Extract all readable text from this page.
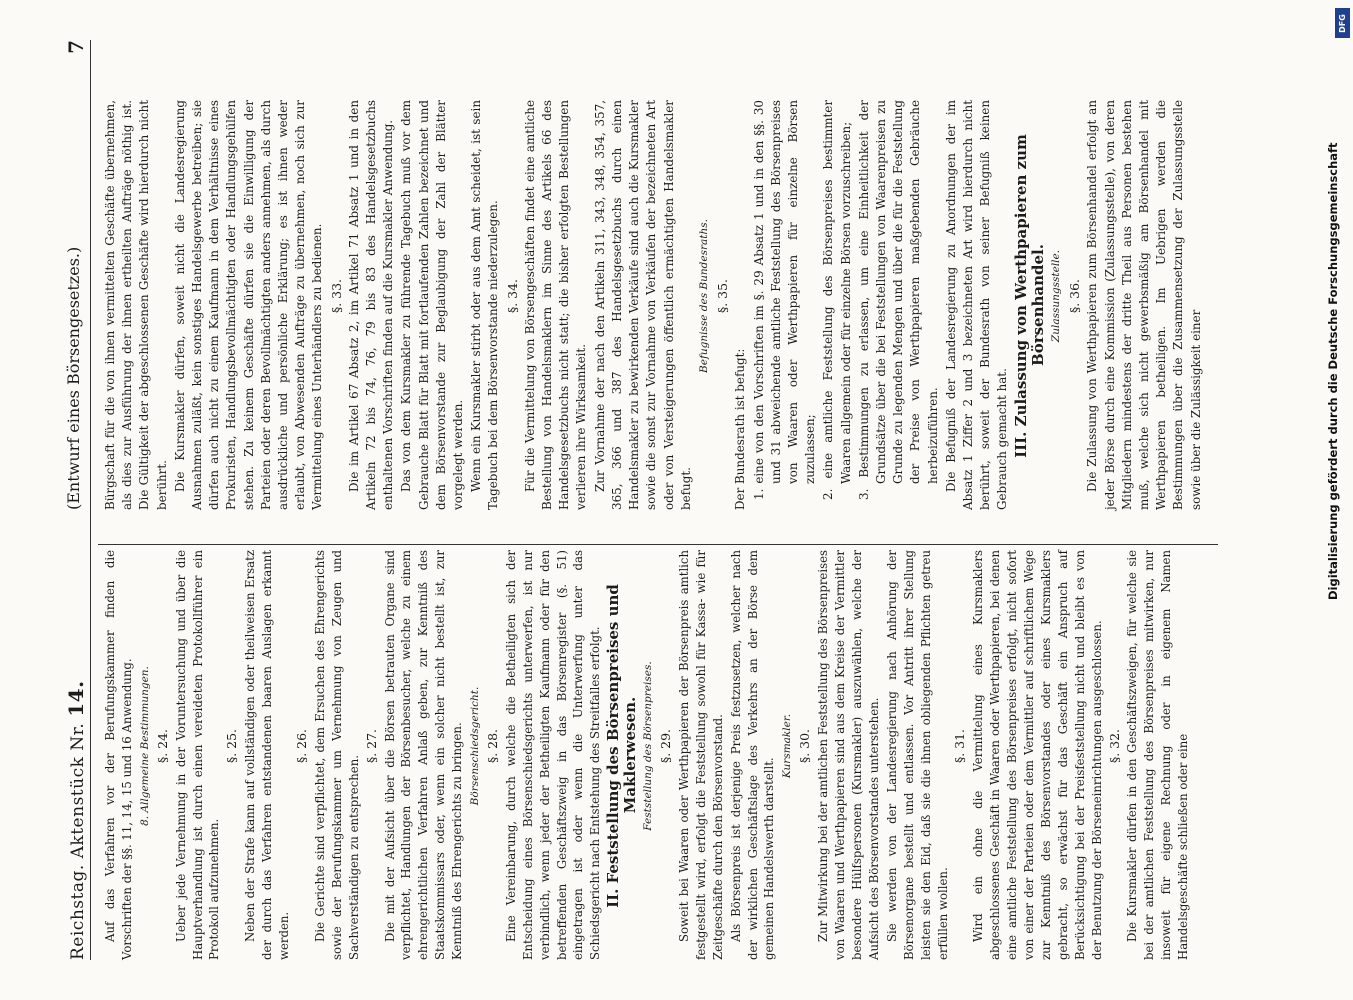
Reichstag. Aktenstück Nr. 14.
(Entwurf eines Börsengesetzes.)
7

Auf das Verfahren vor der Berufungskammer finden die Vorschriften der §§. 11, 14, 15 und 16 Anwendung. 8. Allgemeine Bestimmungen. §. 24. Ueber jede Vernehmung in der Voruntersuchung und über die Hauptverhandlung ist durch einen vereideten Protokollführer ein Protokoll aufzunehmen.

§. 25. Neben der Strafe kann auf vollständigen oder theilweisen Ersatz der durch das Verfahren entstandenen baaren Auslagen erkannt werden.

§. 26. Die Gerichte sind verpflichtet, dem Ersuchen des Ehrengerichts sowie der Berufungskammer um Vernehmung von Zeugen und Sachverständigen zu entsprechen.

§. 27. Die mit der Aufsicht über die Börsen betrauten Organe sind verpflichtet, Handlungen der Börsenbesucher, welche zu einem ehrengerichtlichen Verfahren Anlaß geben, zur Kenntniß des Staatskommissars oder, wenn ein solcher nicht bestellt ist, zur Kenntniß des Ehrengerichts zu bringen. Börsenschiedsgericht. §. 28. Eine Vereinbarung, durch welche die Betheiligten sich der Entscheidung eines Börsenschiedsgerichts unterwerfen, ist nur verbindlich, wenn jeder der Betheiligten Kaufmann oder für den betreffenden Geschäftszweig in das Börsenregister (§. 51) eingetragen ist oder wenn die Unterwerfung unter das Schiedsgericht nach Entstehung des Streitfalles erfolgt. II. Feststellung des Börsenpreises und Maklerwesen. Feststellung des Börsenpreises. §. 29. Soweit bei Waaren oder Werthpapieren der Börsenpreis amtlich festgestellt wird, erfolgt die Feststellung sowohl für Kassa- wie für Zeitgeschäfte durch den Börsenvorstand. Als Börsenpreis ist derjenige Preis festzusetzen, welcher nach der wirklichen Geschäftslage des Verkehrs an der Börse dem gemeinen Handelswerth darstellt.

Kursmakler. §. 30. Zur Mitwirkung bei der amtlichen Feststellung des Börsenpreises von Waaren und Werthpapieren sind aus dem Kreise der Vermittler besondere Hülfspersonen (Kursmakler) auszuwählen, welche der Aufsicht des Börsenvorstandes unterstehen. Sie werden von der Landesregierung nach Anhörung der Börsenorgane bestellt und entlassen. Vor Antritt ihrer Stellung leisten sie den Eid, daß sie die ihnen obliegenden Pflichten getreu erfüllen wollen.

§. 31. Wird ein ohne die Vermittelung eines Kursmaklers abgeschlossenes Geschäft in Waaren oder Werthpapieren, bei denen eine amtliche Feststellung des Börsenpreises erfolgt, nicht sofort von einer der Parteien oder dem Vermittler auf schriftlichem Wege zur Kenntniß des Börsenvorstandes oder eines Kursmaklers gebracht, so erwächst für das Geschäft ein Anspruch auf Berücksichtigung bei der Preisfeststellung nicht und bleibt es von der Benutzung der Börseneinrichtungen ausgeschlossen. §. 32. Die Kursmakler dürfen in den Geschäftszweigen, für welche sie bei der amtlichen Feststellung des Börsenpreises mitwirken, nur insoweit für eigene Rechnung oder in eigenem Namen Handelsgeschäfte schließen oder eine

Bürgschaft für die von ihnen vermittelten Geschäfte übernehmen, als dies zur Ausführung der ihnen ertheilten Aufträge nöthig ist. Die Gültigkeit der abgeschlossenen Geschäfte wird hierdurch nicht berührt. Die Kursmakler dürfen, soweit nicht die Landesregierung Ausnahmen zuläßt, kein sonstiges Handelsgewerbe betreiben; sie dürfen auch nicht zu einem Kaufmann in dem Verhältnisse eines Prokuristen, Handlungsbevollmächtigten oder Handlungsgehülfen stehen. Zu keinem Geschäfte dürfen sie die Einwilligung der Parteien oder deren Bevollmächtigten anders annehmen, als durch ausdrückliche und persönliche Erklärung; es ist ihnen weder erlaubt, von Abwesenden Aufträge zu übernehmen, noch sich zur Vermittelung eines Unterhändlers zu bedienen. §. 33. Die im Artikel 67 Absatz 2, im Artikel 71 Absatz 1 und in den Artikeln 72 bis 74, 76, 79 bis 83 des Handelsgesetzbuchs enthaltenen Vorschriften finden auf die Kursmakler Anwendung. Das von dem Kursmakler zu führende Tagebuch muß vor dem Gebrauche Blatt für Blatt mit fortlaufenden Zahlen bezeichnet und dem Börsenvorstande zur Beglaubigung der Zahl der Blätter vorgelegt werden. Wenn ein Kursmakler stirbt oder aus dem Amt scheidet, ist sein Tagebuch bei dem Börsenvorstande niederzulegen. §. 34. Für die Vermittelung von Börsengeschäften findet eine amtliche Bestellung von Handelsmaklern im Sinne des Artikels 66 des Handelsgesetzbuchs nicht statt; die bisher erfolgten Bestellungen verlieren ihre Wirksamkeit. Zur Vornahme der nach den Artikeln 311, 343, 348, 354, 357, 365, 366 und 387 des Handelsgesetzbuchs durch einen Handelsmakler zu bewirkenden Verkäufe sind auch die Kursmakler sowie die sonst zur Vornahme von Verkäufen der bezeichneten Art oder von Versteigerungen öffentlich ermächtigten Handelsmakler befugt.

Befugnisse des Bundesraths. §. 35.

Der Bundesrath ist befugt: 1. eine von den Vorschriften im §. 29 Absatz 1 und in den §§. 30 und 31 abweichende amtliche Feststellung des Börsenpreises von Waaren oder Werthpapieren für einzelne Börsen zuzulassen; 2. eine amtliche Feststellung des Börsenpreises bestimmter Waaren allgemein oder für einzelne Börsen vorzuschreiben; 3. Bestimmungen zu erlassen, um eine Einheitlichkeit der Grundsätze über die bei Feststellungen von Waarenpreisen zu Grunde zu legenden Mengen und über die für die Feststellung der Preise von Werthpapieren maßgebenden Gebräuche herbeizuführen. Die Befugniß der Landesregierung zu Anordnungen der im Absatz 1 Ziffer 2 und 3 bezeichneten Art wird hierdurch nicht berührt, soweit der Bundesrath von seiner Befugniß keinen Gebrauch gemacht hat. III. Zulassung von Werthpapieren zum Börsenhandel. Zulassungsstelle. §. 36. Die Zulassung von Werthpapieren zum Börsenhandel erfolgt an jeder Börse durch eine Kommission (Zulassungsstelle), von deren Mitgliedern mindestens der dritte Theil aus Personen bestehen muß, welche sich nicht gewerbsmäßig am Börsenhandel mit Werthpapieren betheiligen. Im Uebrigen werden die Bestimmungen über die Zusammensetzung der Zulassungsstelle sowie über die Zulässigkeit einer	Digitalisierung gefördert durch die Deutsche Forschungsgemeinschaft
DFG
